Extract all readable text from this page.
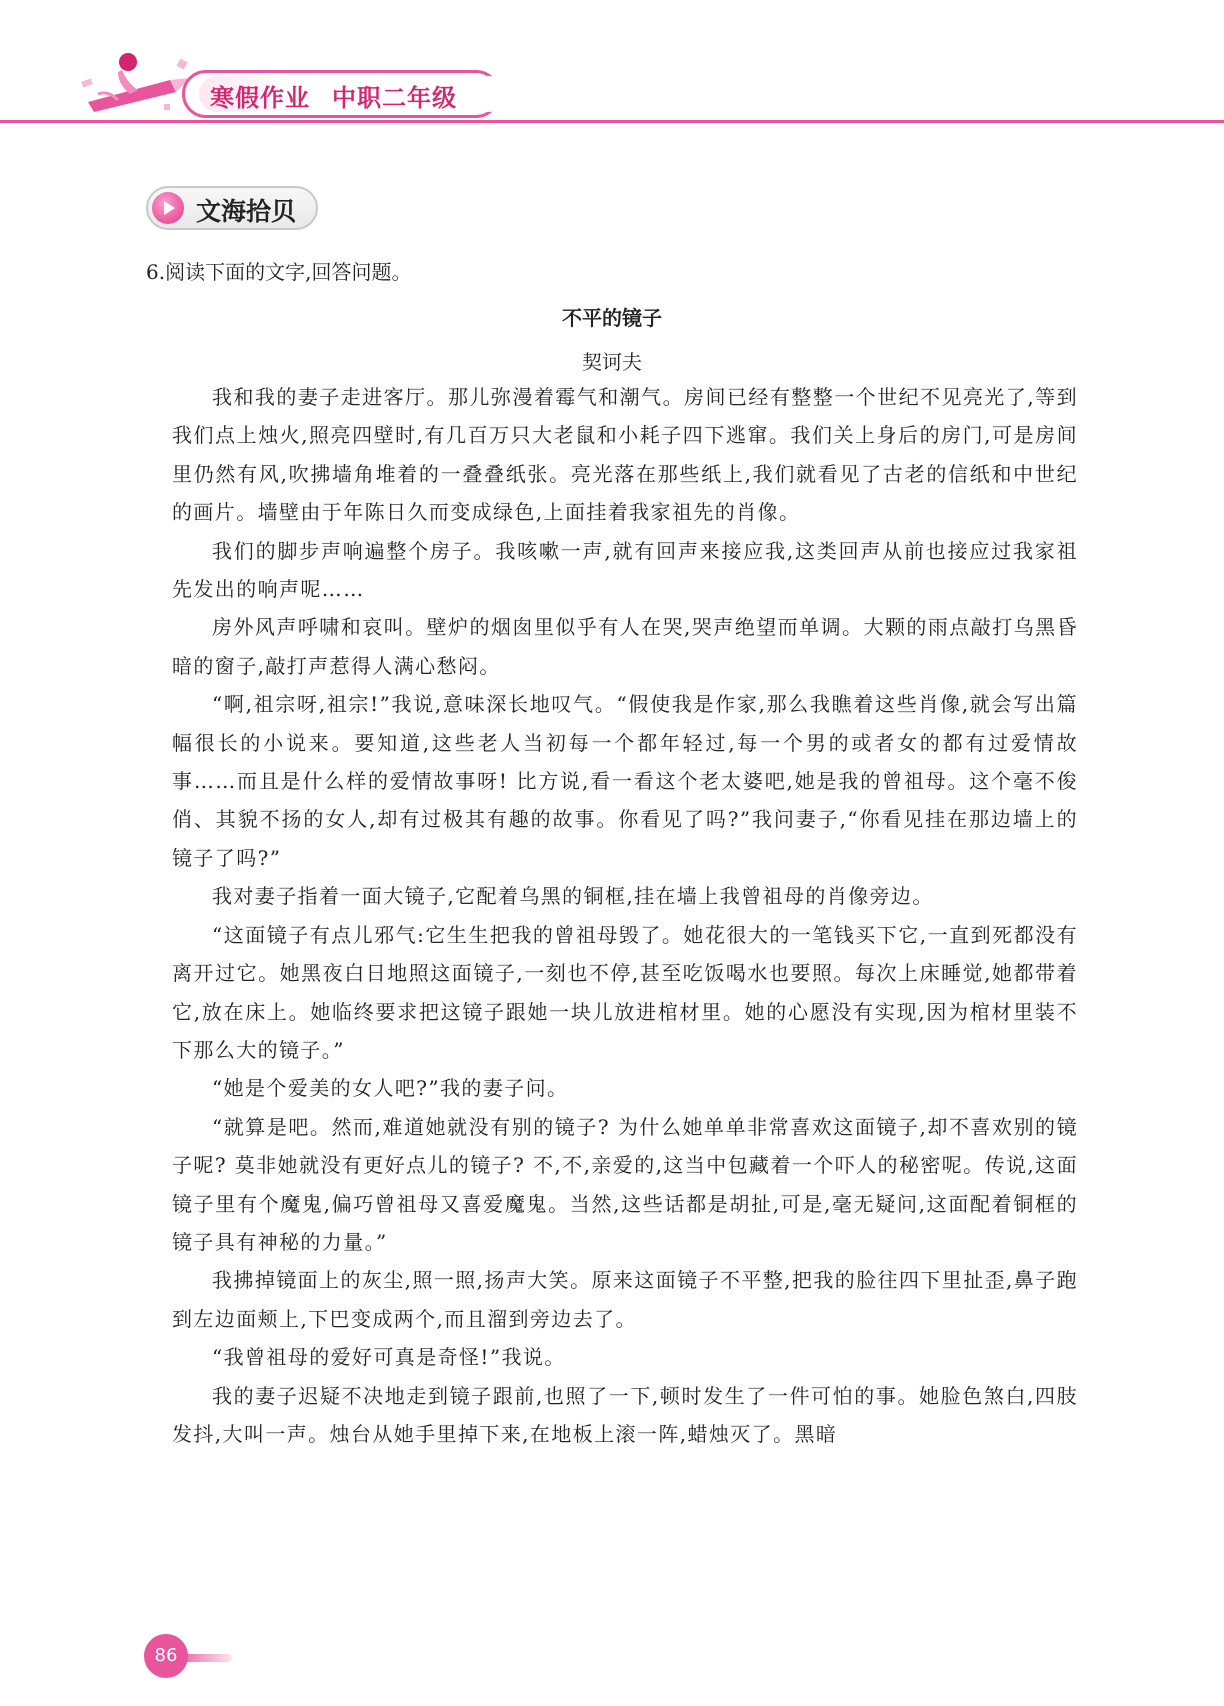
寒假作业 中职二年级
文海拾贝
6.阅读下面的文字,回答问题。
不平的镜子
契诃夫

我和我的妻子走进客厅。那儿弥漫着霉气和潮气。房间已经有整整一个世纪不见亮光了,等到我们点上烛火,照亮四壁时,有几百万只大老鼠和小耗子四下逃窜。我们关上身后的房门,可是房间里仍然有风,吹拂墙角堆着的一叠叠纸张。亮光落在那些纸上,我们就看见了古老的信纸和中世纪的画片。墙壁由于年陈日久而变成绿色,上面挂着我家祖先的肖像。

我们的脚步声响遍整个房子。我咳嗽一声,就有回声来接应我,这类回声从前也接应过我家祖先发出的响声呢……

房外风声呼啸和哀叫。壁炉的烟囱里似乎有人在哭,哭声绝望而单调。大颗的雨点敲打乌黑昏暗的窗子,敲打声惹得人满心愁闷。

“啊,祖宗呀,祖宗!”我说,意味深长地叹气。“假使我是作家,那么我瞧着这些肖像,就会写出篇幅很长的小说来。要知道,这些老人当初每一个都年轻过,每一个男的或者女的都有过爱情故事……而且是什么样的爱情故事呀! 比方说,看一看这个老太婆吧,她是我的曾祖母。这个毫不俊俏、其貌不扬的女人,却有过极其有趣的故事。你看见了吗?”我问妻子,“你看见挂在那边墙上的镜子了吗?”

我对妻子指着一面大镜子,它配着乌黑的铜框,挂在墙上我曾祖母的肖像旁边。

“这面镜子有点儿邪气:它生生把我的曾祖母毁了。她花很大的一笔钱买下它,一直到死都没有离开过它。她黑夜白日地照这面镜子,一刻也不停,甚至吃饭喝水也要照。每次上床睡觉,她都带着它,放在床上。她临终要求把这镜子跟她一块儿放进棺材里。她的心愿没有实现,因为棺材里装不下那么大的镜子。”

“她是个爱美的女人吧?”我的妻子问。

“就算是吧。然而,难道她就没有别的镜子? 为什么她单单非常喜欢这面镜子,却不喜欢别的镜子呢? 莫非她就没有更好点儿的镜子? 不,不,亲爱的,这当中包藏着一个吓人的秘密呢。传说,这面镜子里有个魔鬼,偏巧曾祖母又喜爱魔鬼。当然,这些话都是胡扯,可是,毫无疑问,这面配着铜框的镜子具有神秘的力量。”

我拂掉镜面上的灰尘,照一照,扬声大笑。原来这面镜子不平整,把我的脸往四下里扯歪,鼻子跑到左边面颊上,下巴变成两个,而且溜到旁边去了。

“我曾祖母的爱好可真是奇怪!”我说。

我的妻子迟疑不决地走到镜子跟前,也照了一下,顿时发生了一件可怕的事。她脸色煞白,四肢发抖,大叫一声。烛台从她手里掉下来,在地板上滚一阵,蜡烛灭了。黑暗

86
